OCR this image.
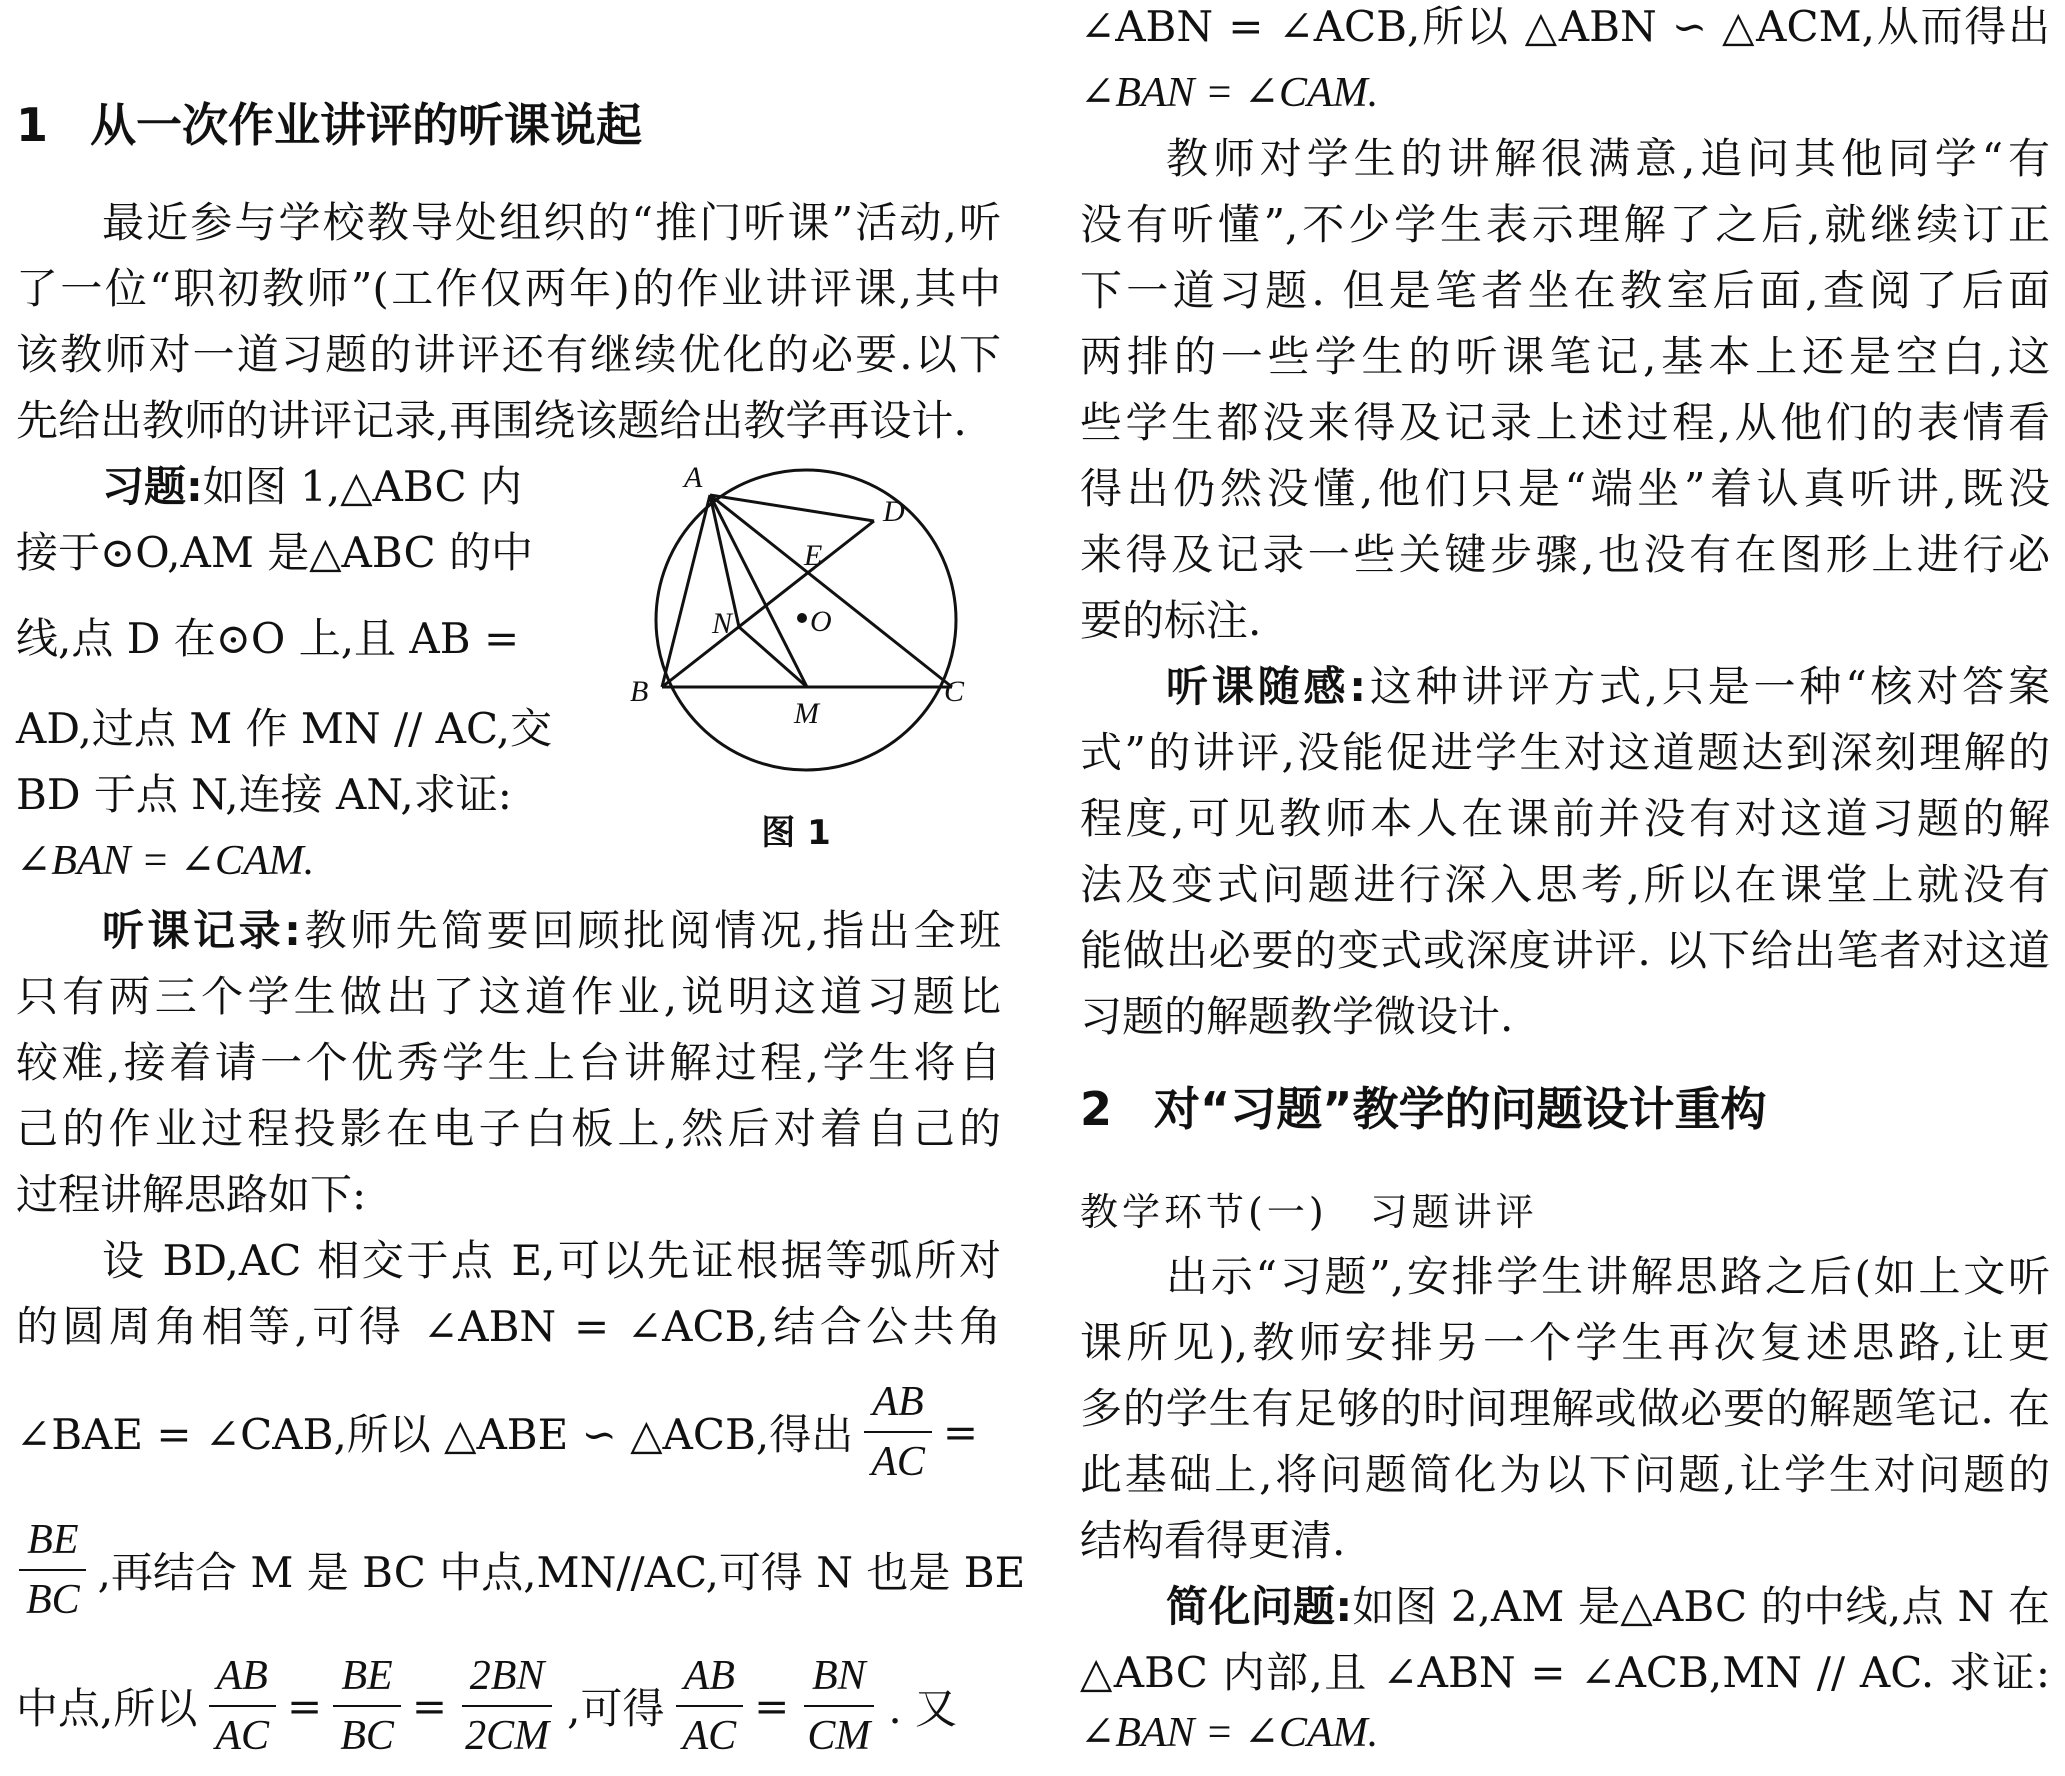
1 从一次作业讲评的听课说起
最近参与学校教导处组织的“推门听课”活动,听
了一位“职初教师”(工作仅两年)的作业讲评课,其中
该教师对一道习题的讲评还有继续优化的必要.以下
先给出教师的讲评记录,再围绕该题给出教学再设计.
习题:如图 1,△ABC 内
接于⊙O,AM 是△ABC 的中
线,点 D 在⊙O 上,且 AB =
AD,过点 M 作 MN // AC,交
BD 于点 N,连接 AN,求证:
∠BAN = ∠CAM.
A
D
E
N	O
B
M
C
图 1
听课记录:教师先简要回顾批阅情况,指出全班
只有两三个学生做出了这道作业,说明这道习题比
较难,接着请一个优秀学生上台讲解过程,学生将自
己的作业过程投影在电子白板上,然后对着自己的
过程讲解思路如下:
设 BD,AC 相交于点 E,可以先证根据等弧所对
的圆周角相等,可得 ∠ABN = ∠ACB,结合公共角
∠BAE = ∠CAB,所以 △ABE ∽ △ACB,得出 $\frac{AB}{AC}$ =
$\frac{BE}{BC}$ ,再结合 M 是 BC 中点,MN//AC,可得 N 也是 BE
中点,所以 $\frac{AB}{AC} = \frac{BE}{BC} = \frac{2BN}{2CM}$ ,可得 $\frac{AB}{AC} = \frac{BN}{CM}$ . 又
∠ABN = ∠ACB,所以 △ABN ∽ △ACM,从而得出
∠BAN = ∠CAM.
教师对学生的讲解很满意,追问其他同学“有
没有听懂”,不少学生表示理解了之后,就继续订正
下一道习题. 但是笔者坐在教室后面,查阅了后面
两排的一些学生的听课笔记,基本上还是空白,这
些学生都没来得及记录上述过程,从他们的表情看
得出仍然没懂,他们只是“端坐”着认真听讲,既没
来得及记录一些关键步骤,也没有在图形上进行必
要的标注.
听课随感:这种讲评方式,只是一种“核对答案
式”的讲评,没能促进学生对这道题达到深刻理解的
程度,可见教师本人在课前并没有对这道习题的解
法及变式问题进行深入思考,所以在课堂上就没有
能做出必要的变式或深度讲评. 以下给出笔者对这道
习题的解题教学微设计.
2 对“习题”教学的问题设计重构
教学环节(一)　习题讲评
出示“习题”,安排学生讲解思路之后(如上文听
课所见),教师安排另一个学生再次复述思路,让更
多的学生有足够的时间理解或做必要的解题笔记. 在
此基础上,将问题简化为以下问题,让学生对问题的
结构看得更清.
简化问题:如图 2,AM 是△ABC 的中线,点 N 在
△ABC 内部,且 ∠ABN = ∠ACB,MN // AC. 求证:
∠BAN = ∠CAM.
